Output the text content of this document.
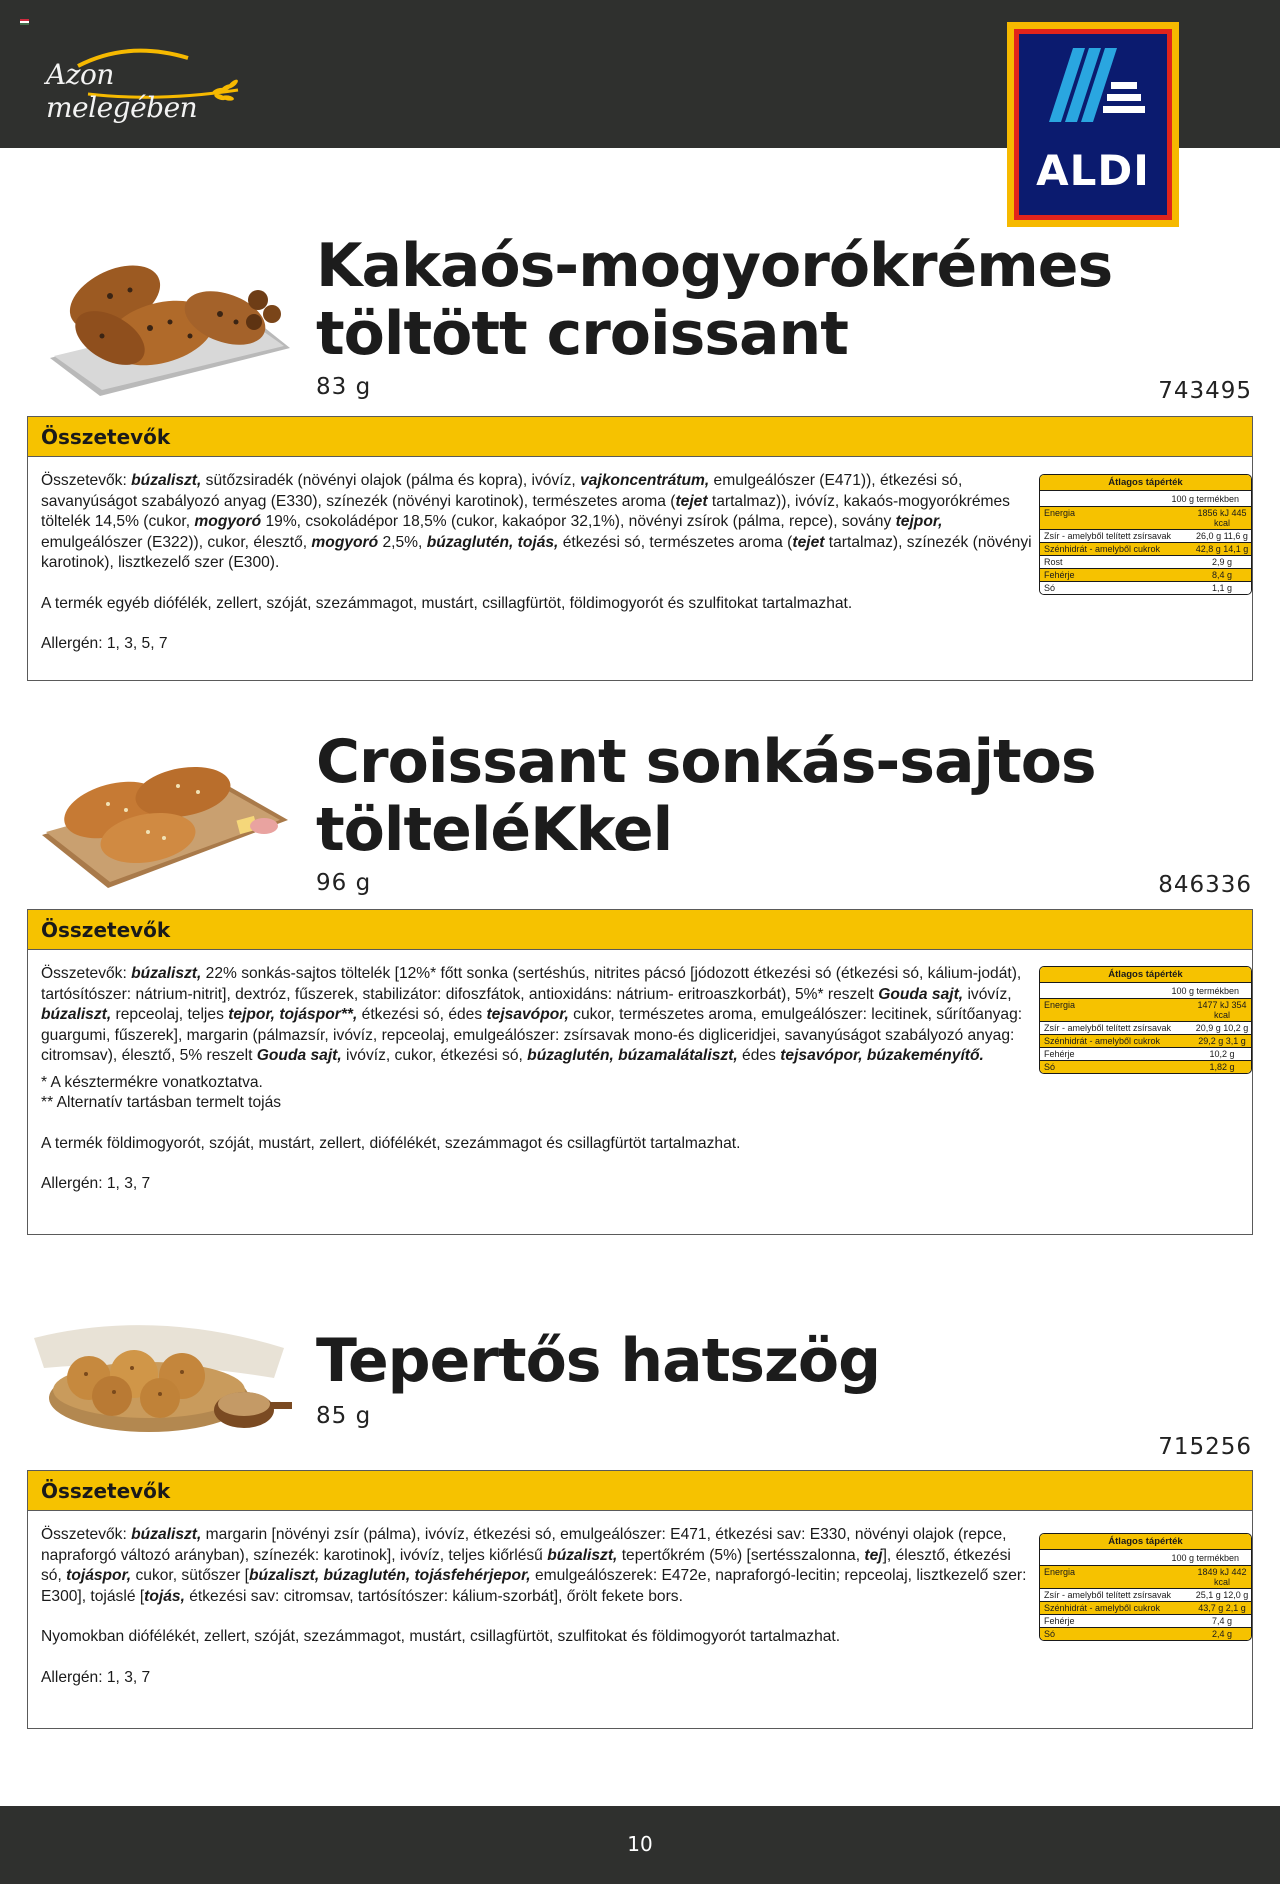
Azon melegében
ALDI
Kakaós-mogyorókrémes
töltött croissant
83 g	743495
Összetevők
Összetevők: búzaliszt, sütőzsiradék (növényi olajok (pálma és kopra), ivóvíz, vajkoncentrátum, emulgeálószer (E471)), étkezési só, savanyúságot szabályozó anyag (E330), színezék (növényi karotinok), természetes aroma (tejet tartalmaz)), ivóvíz, kakaós-mogyorókrémes töltelék 14,5% (cukor, mogyoró 19%, csokoládépor 18,5% (cukor, kakaópor 32,1%), növényi zsírok (pálma, repce), sovány tejpor, emulgeálószer (E322)), cukor, élesztő, mogyoró 2,5%, búzaglutén, tojás, étkezési só, természetes aroma (tejet tartalmaz), színezék (növényi karotinok), lisztkezelő szer (E300).
A termék egyéb diófélék, zellert, szóját, szezámmagot, mustárt, csillagfürtöt, földimogyorót és szulfitokat tartalmazhat.
Allergén: 1, 3, 5, 7
Átlagos tápérték
100 g termékben
Energia	1856 kJ 445 kcal
Zsír - amelyből telített zsírsavak	26,0 g 11,6 g
Szénhidrát - amelyből cukrok	42,8 g 14,1 g
Rost	2,9 g
Fehérje	8,4 g
Só	1,1 g
Croissant sonkás-sajtos
tölteléKkel
96 g	846336
Összetevők
Összetevők: búzaliszt, 22% sonkás-sajtos töltelék [12%* főtt sonka (sertéshús, nitrites pácsó [jódozott étkezési só (étkezési só, kálium-jodát), tartósítószer: nátrium-nitrit], dextróz, fűszerek, stabilizátor: difoszfátok, antioxidáns: nátrium- eritroaszkorbát), 5%* reszelt Gouda sajt, ivóvíz, búzaliszt, repceolaj, teljes tejpor, tojáspor**, étkezési só, édes tejsavópor, cukor, természetes aroma, emulgeálószer: lecitinek, sűrítőanyag: guargumi, fűszerek], margarin (pálmazsír, ivóvíz, repceolaj, emulgeálószer: zsírsavak mono-és digliceridjei, savanyúságot szabályozó anyag: citromsav), élesztő, 5% reszelt Gouda sajt, ivóvíz, cukor, étkezési só, búzaglutén, búzamalátaliszt, édes tejsavópor, búzakeményítő.
* A késztermékre vonatkoztatva.
** Alternatív tartásban termelt tojás
A termék földimogyorót, szóját, mustárt, zellert, diófélékét, szezámmagot és csillagfürtöt tartalmazhat.
Allergén: 1, 3, 7
Átlagos tápérték
100 g termékben
Energia	1477 kJ 354 kcal
Zsír - amelyből telített zsírsavak	20,9 g 10,2 g
Szénhidrát - amelyből cukrok	29,2 g 3,1 g
Fehérje	10,2 g
Só	1,82 g
Tepertős hatszög
85 g
715256
Összetevők
Összetevők: búzaliszt, margarin [növényi zsír (pálma), ivóvíz, étkezési só, emulgeálószer: E471, étkezési sav: E330, növényi olajok (repce, napraforgó változó arányban), színezék: karotinok], ivóvíz, teljes kiőrlésű búzaliszt, tepertőkrém (5%) [sertésszalonna, tej], élesztő, étkezési só, tojáspor, cukor, sütőszer [búzaliszt, búzaglutén, tojásfehérjepor, emulgeálószerek: E472e, napraforgó-lecitin; repceolaj, lisztkezelő szer: E300], tojáslé [tojás, étkezési sav: citromsav, tartósítószer: kálium-szorbát], őrölt fekete bors.
Nyomokban diófélékét, zellert, szóját, szezámmagot, mustárt, csillagfürtöt, szulfitokat és földimogyorót tartalmazhat.
Allergén: 1, 3, 7
Átlagos tápérték
100 g termékben
Energia	1849 kJ 442 kcal
Zsír - amelyből telített zsírsavak	25,1 g 12,0 g
Szénhidrát - amelyből cukrok	43,7 g 2,1 g
Fehérje	7,4 g
Só	2,4 g
10
